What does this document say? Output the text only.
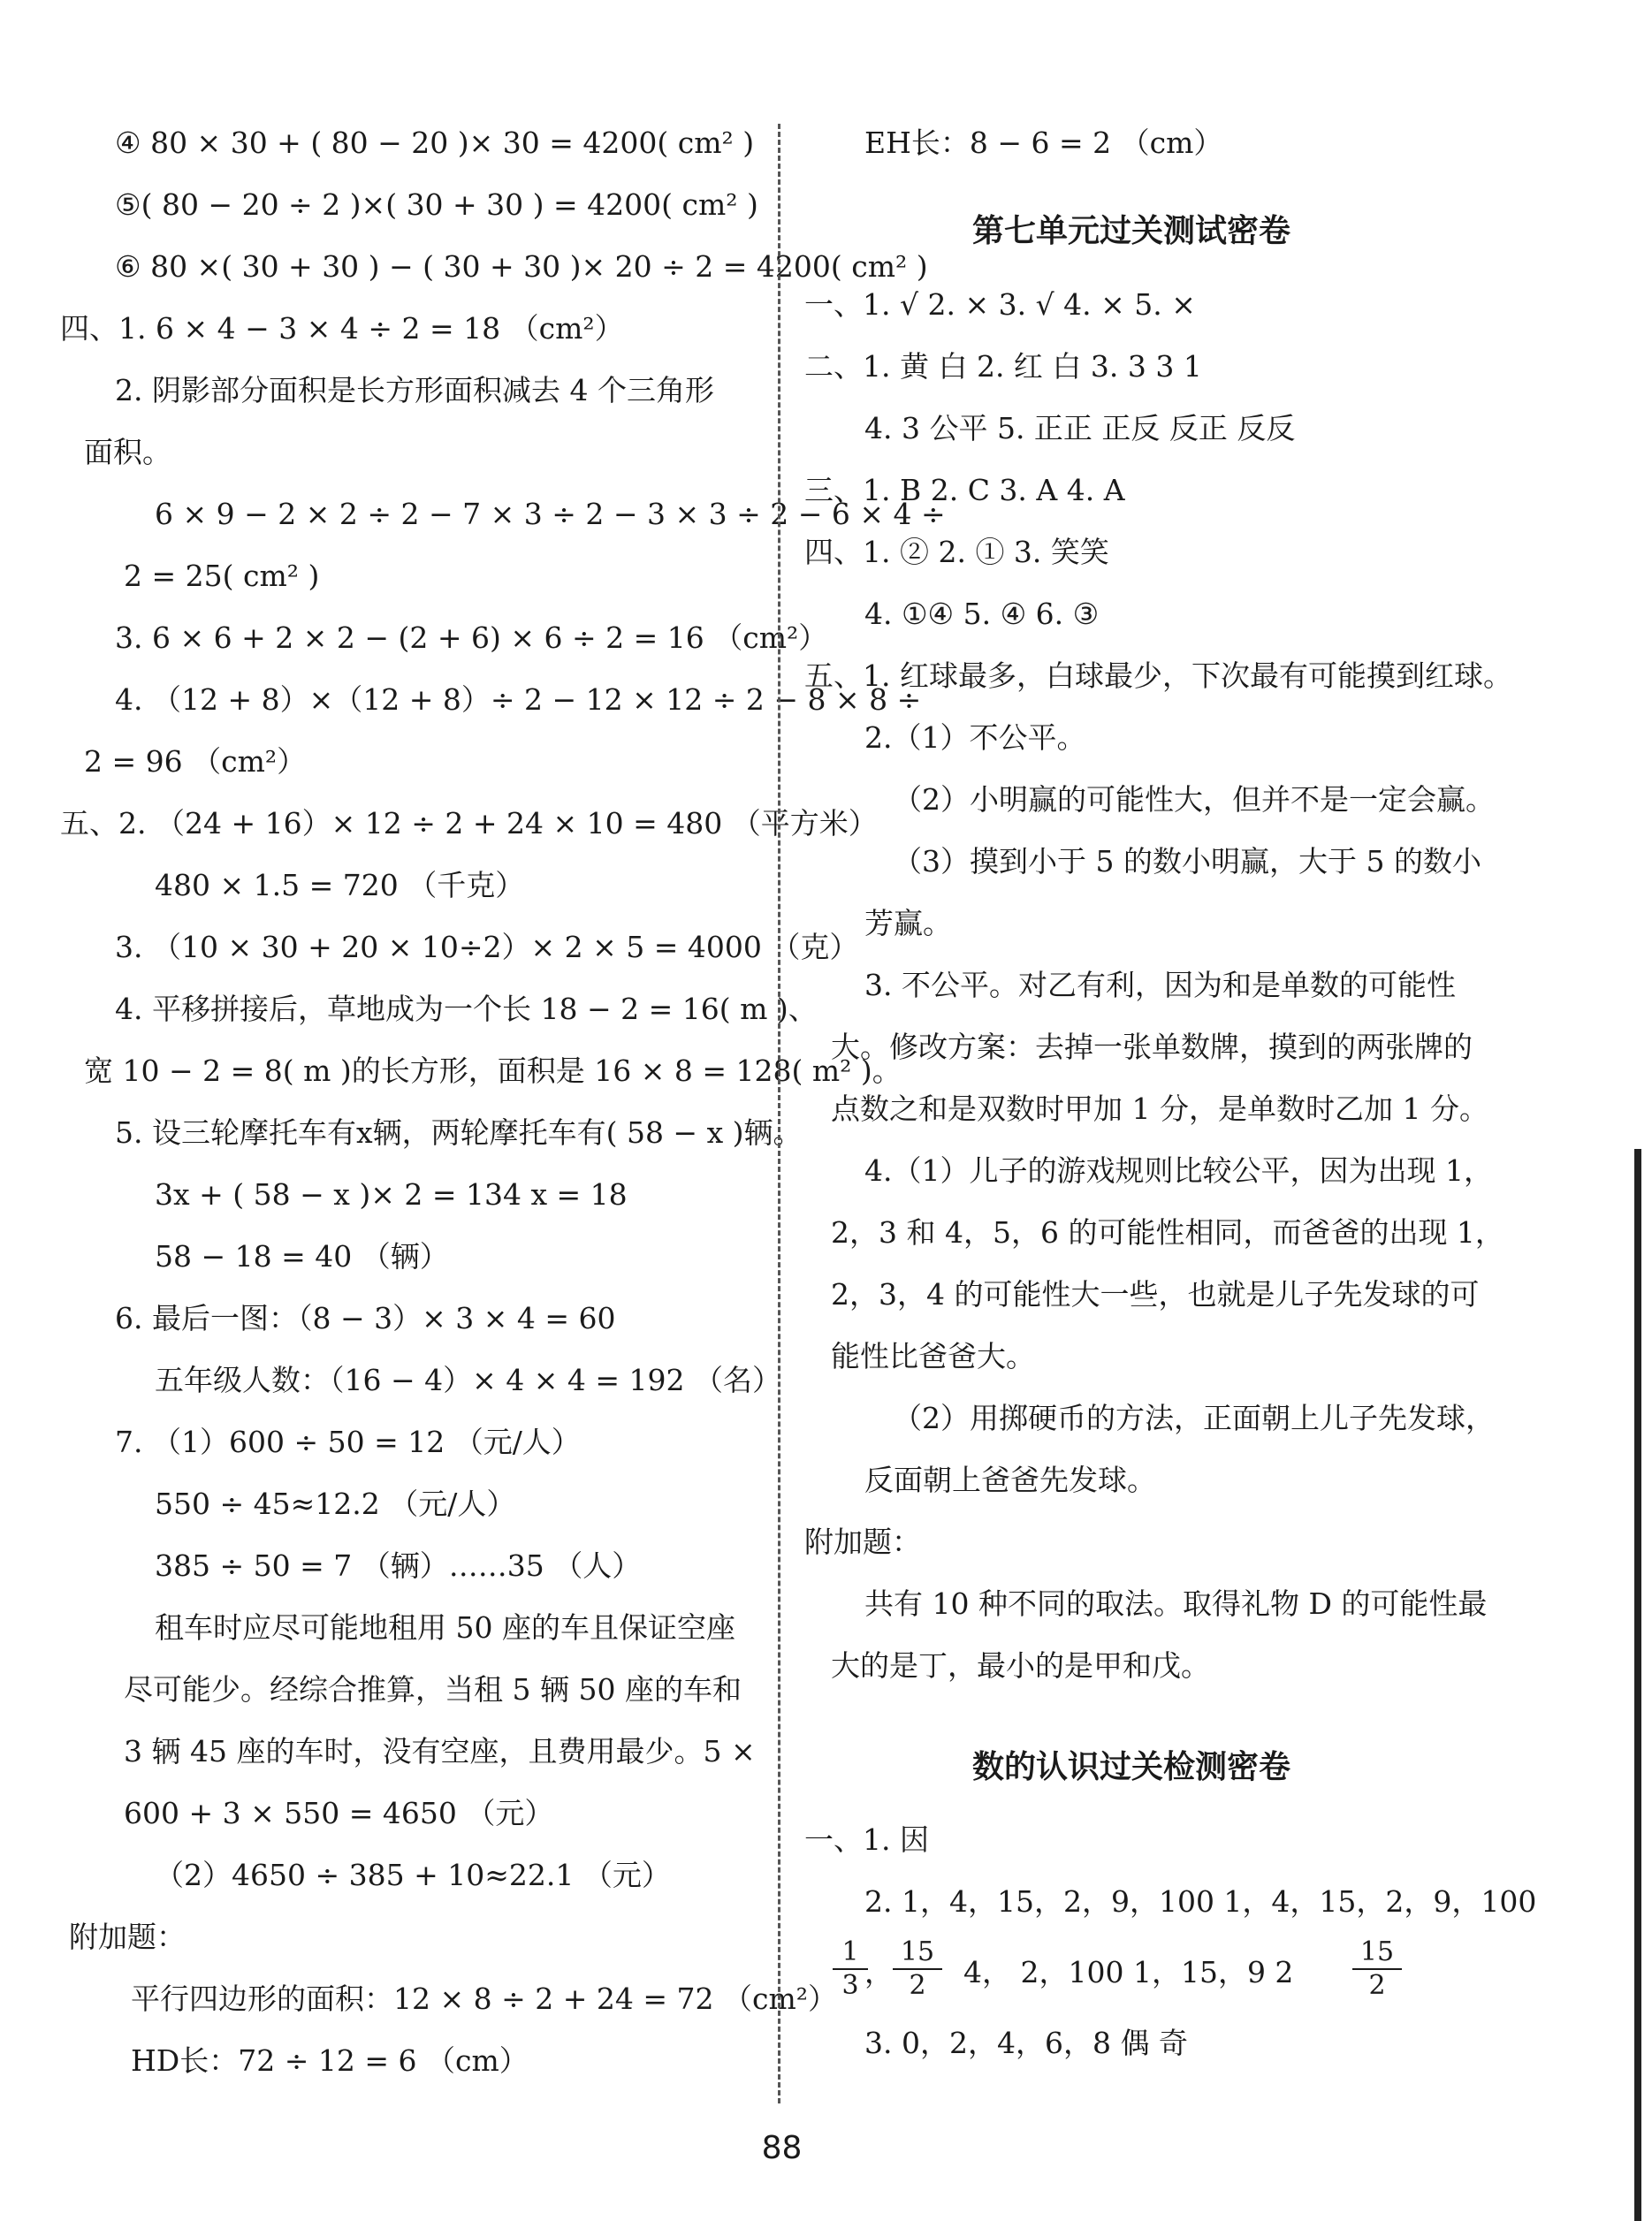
④ 80 × 30 + ( 80 − 20 )× 30 = 4200( cm² )
⑤( 80 − 20 ÷ 2 )×( 30 + 30 ) = 4200( cm² )
⑥ 80 ×( 30 + 30 ) − ( 30 + 30 )× 20 ÷ 2 = 4200( cm² )
四、1. 6 × 4 − 3 × 4 ÷ 2 = 18 （cm²）
2. 阴影部分面积是长方形面积减去 4 个三角形
面积。
6 × 9 − 2 × 2 ÷ 2 − 7 × 3 ÷ 2 − 3 × 3 ÷ 2 − 6 × 4 ÷
2 = 25( cm² )
3. 6 × 6 + 2 × 2 − (2 + 6) × 6 ÷ 2 = 16 （cm²）
4. （12 + 8）×（12 + 8）÷ 2 − 12 × 12 ÷ 2 − 8 × 8 ÷
2 = 96 （cm²）
五、2. （24 + 16）× 12 ÷ 2 + 24 × 10 = 480 （平方米）
480 × 1.5 = 720 （千克）
3. （10 × 30 + 20 × 10÷2）× 2 × 5 = 4000 （克）
4. 平移拼接后，草地成为一个长 18 − 2 = 16( m )、
宽 10 − 2 = 8( m )的长方形，面积是 16 × 8 = 128( m² )。
5. 设三轮摩托车有x辆，两轮摩托车有( 58 − x )辆。
3x + ( 58 − x )× 2 = 134 x = 18
58 − 18 = 40 （辆）
6. 最后一图：（8 − 3）× 3 × 4 = 60
五年级人数：（16 − 4）× 4 × 4 = 192 （名）
7. （1）600 ÷ 50 = 12 （元/人）
550 ÷ 45≈12.2 （元/人）
385 ÷ 50 = 7 （辆）……35 （人）
租车时应尽可能地租用 50 座的车且保证空座
尽可能少。经综合推算，当租 5 辆 50 座的车和
3 辆 45 座的车时，没有空座，且费用最少。5 ×
600 + 3 × 550 = 4650 （元）
（2）4650 ÷ 385 + 10≈22.1 （元）
附加题：
平行四边形的面积：12 × 8 ÷ 2 + 24 = 72 （cm²）
HD长：72 ÷ 12 = 6 （cm）
EH长：8 − 6 = 2 （cm）
第七单元过关测试密卷
一、1. √ 2. × 3. √ 4. × 5. ×
二、1. 黄 白 2. 红 白 3. 3 3 1
4. 3 公平 5. 正正 正反 反正 反反
三、1. B 2. C 3. A 4. A
四、1. ② 2. ① 3. 笑笑
4. ①④ 5. ④ 6. ③
五、1. 红球最多，白球最少，下次最有可能摸到红球。
2.（1）不公平。
（2）小明赢的可能性大，但并不是一定会赢。
（3）摸到小于 5 的数小明赢，大于 5 的数小
芳赢。
3. 不公平。对乙有利，因为和是单数的可能性
大。修改方案：去掉一张单数牌，摸到的两张牌的
点数之和是双数时甲加 1 分，是单数时乙加 1 分。
4.（1）儿子的游戏规则比较公平，因为出现 1，
2，3 和 4，5，6 的可能性相同，而爸爸的出现 1，
2，3，4 的可能性大一些，也就是儿子先发球的可
能性比爸爸大。
（2）用掷硬币的方法，正面朝上儿子先发球，
反面朝上爸爸先发球。
附加题：
共有 10 种不同的取法。取得礼物 D 的可能性最
大的是丁，最小的是甲和戊。
数的认识过关检测密卷
一、1. 因
2. 1，4，15，2，9，100 1，4，15，2，9，100
1
3 ，
15
2	4， 2，100 1，15，9 2
15
2
3. 0，2，4，6，8 偶 奇
88
